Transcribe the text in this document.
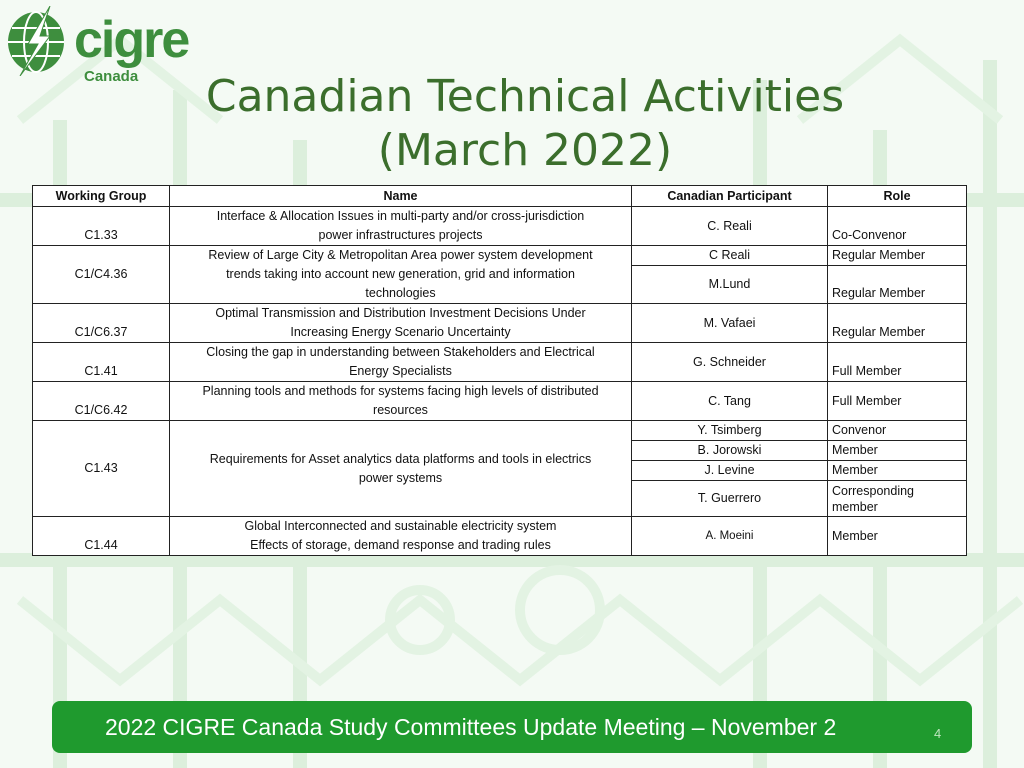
cigre
Canada	Canadian Technical Activities
(March 2022)
Working Group	Name	Canadian Participant	Role
C1.33	Interface & Allocation Issues in multi-party and/or cross-jurisdiction
power infrastructures projects	C. Reali	Co-Convenor
C1/C4.36	Review of Large City & Metropolitan Area power system development
trends taking into account new generation, grid and information
technologies	C Reali	Regular Member
		M.Lund	Regular Member
C1/C6.37	Optimal Transmission and Distribution Investment Decisions Under
Increasing Energy Scenario Uncertainty	M. Vafaei	Regular Member
C1.41	Closing the gap in understanding between Stakeholders and Electrical
Energy Specialists	G. Schneider	Full Member
C1/C6.42	Planning tools and methods for systems facing high levels of distributed
resources	C. Tang	Full Member
C1.43	Requirements for Asset analytics data platforms and tools in electrics
power systems	Y. Tsimberg	Convenor
		B. Jorowski	Member
		J. Levine	Member
		T. Guerrero	Corresponding
member

C1.44	Global Interconnected and sustainable electricity system
Effects of storage, demand response and trading rules	A. Moeini	Member
2022 CIGRE Canada Study Committees Update Meeting – November 2	4
